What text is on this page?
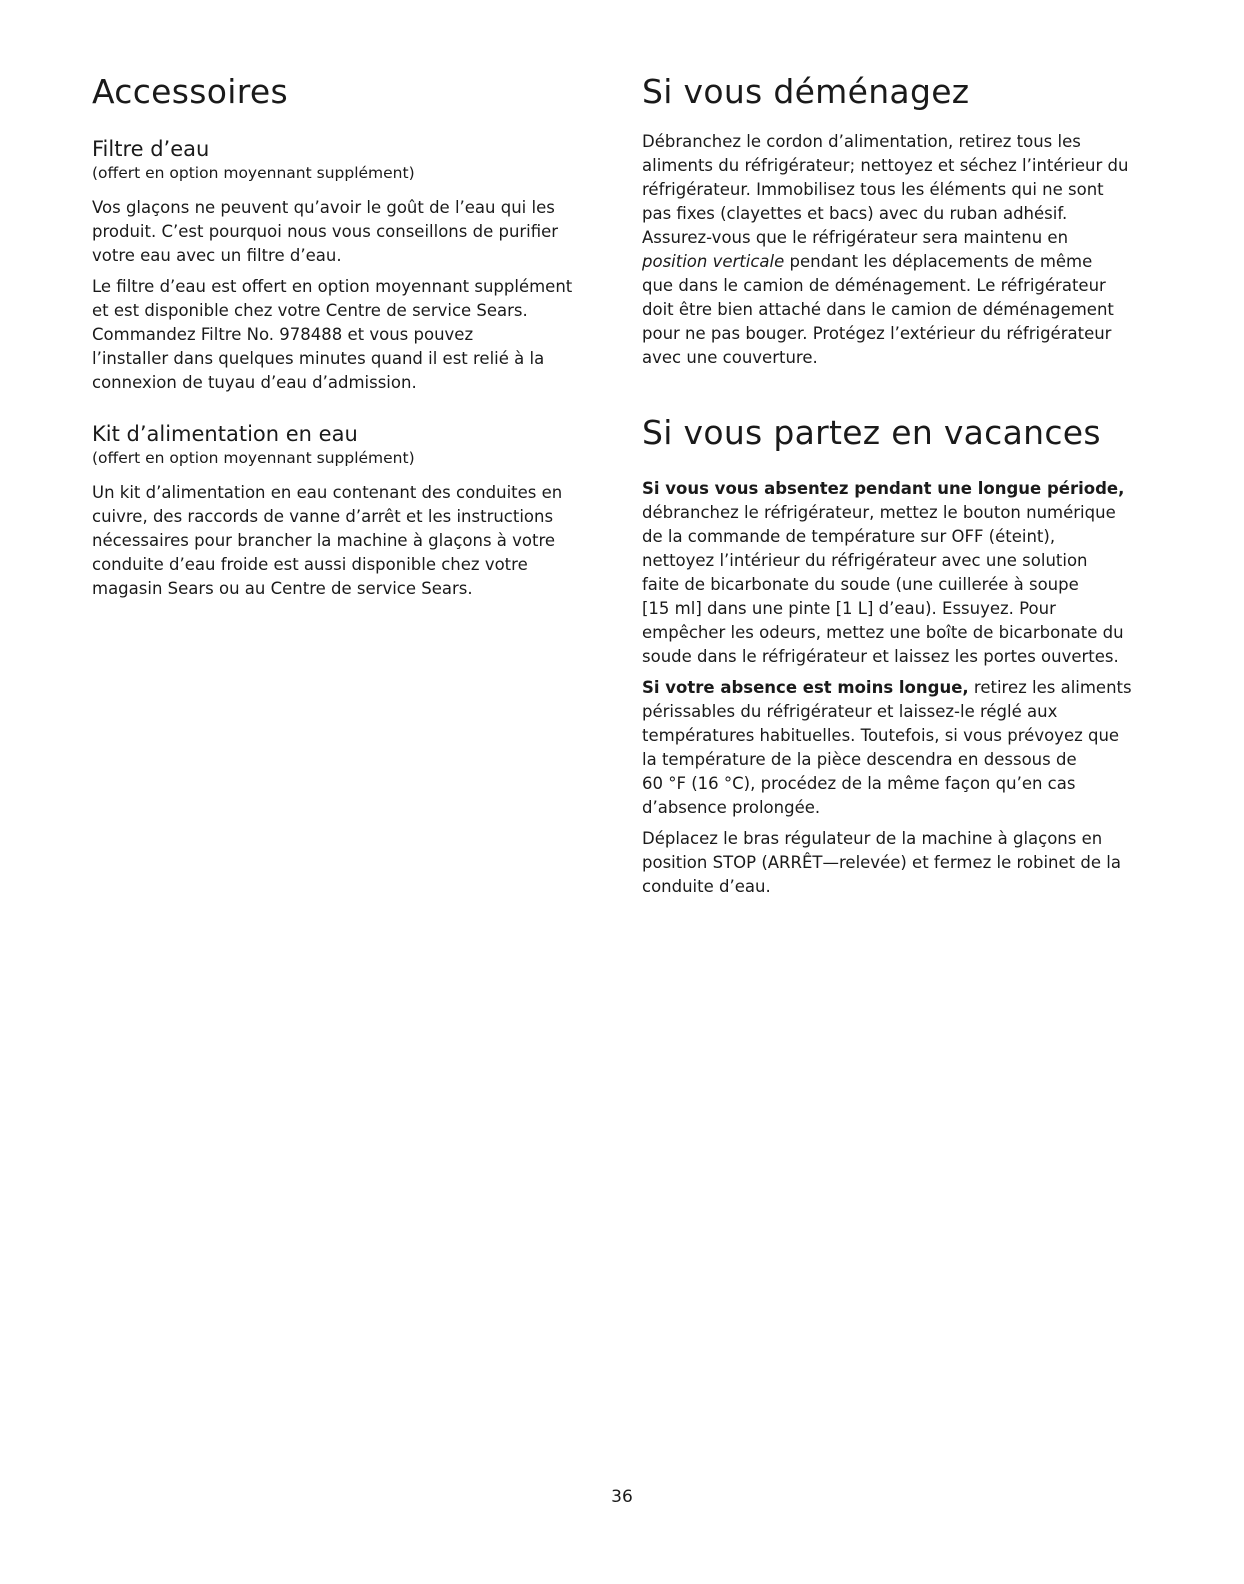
Accessoires
Filtre d’eau
(offert en option moyennant supplément)

Vos glaçons ne peuvent qu’avoir le goût de l’eau qui les
produit. C’est pourquoi nous vous conseillons de purifier
votre eau avec un filtre d’eau.

Le filtre d’eau est offert en option moyennant supplément
et est disponible chez votre Centre de service Sears.
Commandez Filtre No. 978488 et vous pouvez
l’installer dans quelques minutes quand il est relié à la
connexion de tuyau d’eau d’admission.

Kit d’alimentation en eau
(offert en option moyennant supplément)

Un kit d’alimentation en eau contenant des conduites en
cuivre, des raccords de vanne d’arrêt et les instructions
nécessaires pour brancher la machine à glaçons à votre
conduite d’eau froide est aussi disponible chez votre
magasin Sears ou au Centre de service Sears.

Si vous déménagez

Débranchez le cordon d’alimentation, retirez tous les
aliments du réfrigérateur; nettoyez et séchez l’intérieur du
réfrigérateur. Immobilisez tous les éléments qui ne sont
pas fixes (clayettes et bacs) avec du ruban adhésif.
Assurez-vous que le réfrigérateur sera maintenu en
position verticale pendant les déplacements de même
que dans le camion de déménagement. Le réfrigérateur
doit être bien attaché dans le camion de déménagement
pour ne pas bouger. Protégez l’extérieur du réfrigérateur
avec une couverture.

Si vous partez en vacances

Si vous vous absentez pendant une longue période,
débranchez le réfrigérateur, mettez le bouton numérique
de la commande de température sur OFF (éteint),
nettoyez l’intérieur du réfrigérateur avec une solution
faite de bicarbonate du soude (une cuillerée à soupe
[15 ml] dans une pinte [1 L] d’eau). Essuyez. Pour
empêcher les odeurs, mettez une boîte de bicarbonate du
soude dans le réfrigérateur et laissez les portes ouvertes.

Si votre absence est moins longue, retirez les aliments
périssables du réfrigérateur et laissez-le réglé aux
températures habituelles. Toutefois, si vous prévoyez que
la température de la pièce descendra en dessous de
60 °F (16 °C), procédez de la même façon qu’en cas
d’absence prolongée.

Déplacez le bras régulateur de la machine à glaçons en
position STOP (ARRÊT—relevée) et fermez le robinet de la
conduite d’eau.

36
